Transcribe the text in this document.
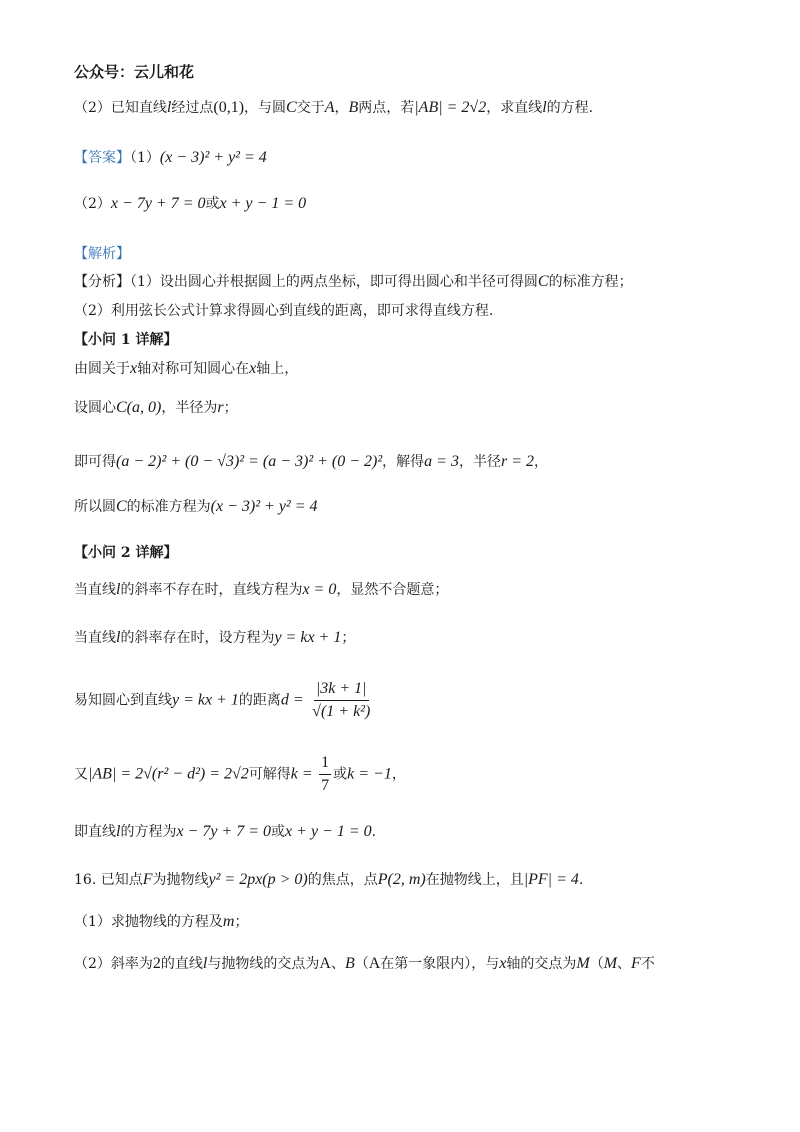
公众号：云儿和花
（2）已知直线l经过点(0,1)，与圆C交于A，B两点，若|AB| = 2√2，求直线l的方程.
【答案】（1）(x − 3)² + y² = 4
（2）x − 7y + 7 = 0或x + y − 1 = 0
【解析】
【分析】（1）设出圆心并根据圆上的两点坐标，即可得出圆心和半径可得圆C的标准方程；
（2）利用弦长公式计算求得圆心到直线的距离，即可求得直线方程.
【小问 1 详解】
由圆关于x轴对称可知圆心在x轴上，
设圆心C(a, 0)，半径为r；
即可得(a − 2)² + (0 − √3)² = (a − 3)² + (0 − 2)²，解得a = 3，半径r = 2，
所以圆C的标准方程为(x − 3)² + y² = 4
【小问 2 详解】
当直线l的斜率不存在时，直线方程为x = 0，显然不合题意；
当直线l的斜率存在时，设方程为y = kx + 1；
易知圆心到直线y = kx + 1的距离$d = \frac{|3k + 1|}{\text{√(1 + k²)}}$
又|AB| = 2√(r² − d²) = 2√2可解得$k = \frac{1}{7}$ 或k = −1，
即直线l的方程为x − 7y + 7 = 0或x + y − 1 = 0.
16. 已知点F为抛物线y² = 2px(p > 0)的焦点，点P(2, m)在抛物线上，且|PF| = 4.
（1）求抛物线的方程及m；
（2）斜率为2的直线l与抛物线的交点为A、B（A在第一象限内），与x轴的交点为M（M、F不
